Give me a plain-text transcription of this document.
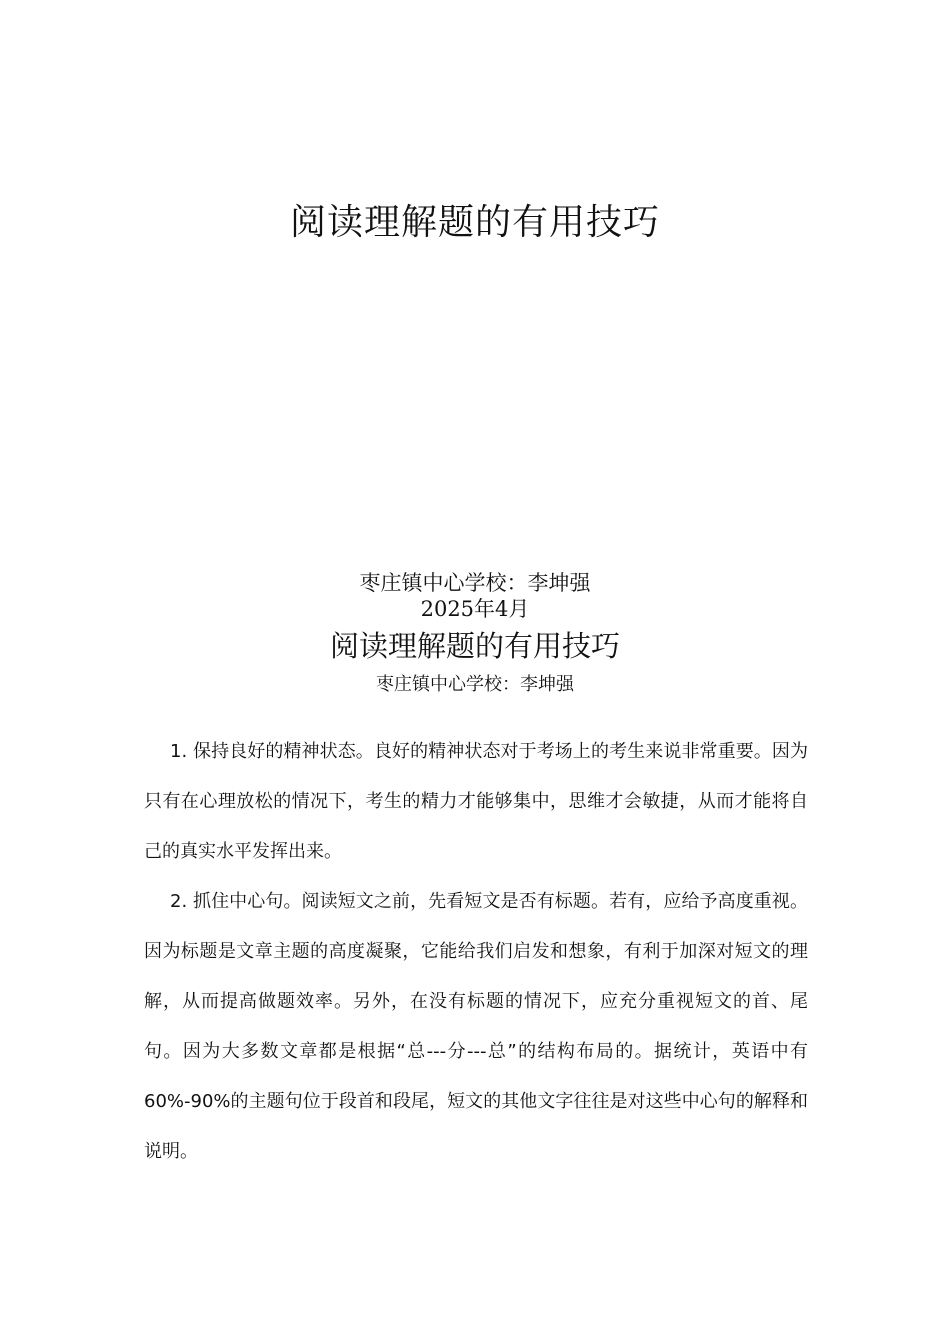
阅读理解题的有用技巧
枣庄镇中心学校：李坤强
2025年4月
阅读理解题的有用技巧
枣庄镇中心学校：李坤强

1. 保持良好的精神状态。良好的精神状态对于考场上的考生来说非常重要。因为只有在心理放松的情况下，考生的精力才能够集中，思维才会敏捷，从而才能将自己的真实水平发挥出来。

2. 抓住中心句。阅读短文之前，先看短文是否有标题。若有，应给予高度重视。因为标题是文章主题的高度凝聚，它能给我们启发和想象，有利于加深对短文的理解，从而提高做题效率。另外，在没有标题的情况下，应充分重视短文的首、尾句。因为大多数文章都是根据“总---分---总”的结构布局的。据统计，英语中有60%-90%的主题句位于段首和段尾，短文的其他文字往往是对这些中心句的解释和说明。
